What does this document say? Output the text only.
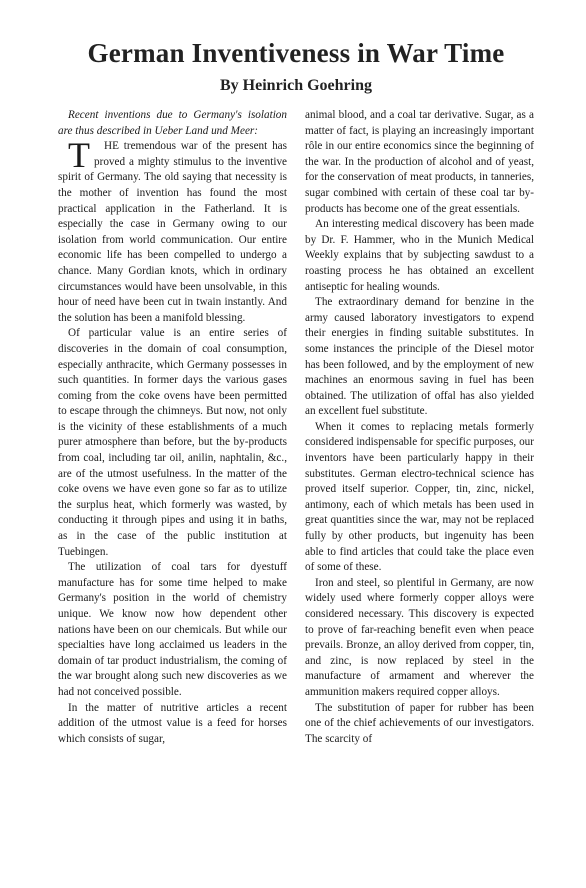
German Inventiveness in War Time
By Heinrich Goehring

Recent inventions due to Germany's isolation are thus described in Ueber Land und Meer:

T HE tremendous war of the present has proved a mighty stimulus to the inventive spirit of Germany. The old saying that necessity is the mother of invention has found the most practical application in the Fatherland. It is especially the case in Germany owing to our isolation from world communication. Our entire economic life has been compelled to undergo a chance. Many Gordian knots, which in ordinary circumstances would have been unsolvable, in this hour of need have been cut in twain instantly. And the solution has been a manifold blessing.

Of particular value is an entire series of discoveries in the domain of coal consumption, especially anthracite, which Germany possesses in such quantities. In former days the various gases coming from the coke ovens have been permitted to escape through the chimneys. But now, not only is the vicinity of these establishments of a much purer atmosphere than before, but the by-products from coal, including tar oil, anilin, naphtalin, &c., are of the utmost usefulness. In the matter of the coke ovens we have even gone so far as to utilize the surplus heat, which formerly was wasted, by conducting it through pipes and using it in baths, as in the case of the public institution at Tuebingen.

The utilization of coal tars for dyestuff manufacture has for some time helped to make Germany's position in the world of chemistry unique. We know now how dependent other nations have been on our chemicals. But while our specialties have long acclaimed us leaders in the domain of tar product industrialism, the coming of the war brought along such new discoveries as we had not conceived possible.

In the matter of nutritive articles a recent addition of the utmost value is a feed for horses which consists of sugar,

animal blood, and a coal tar derivative. Sugar, as a matter of fact, is playing an increasingly important rôle in our entire economics since the beginning of the war. In the production of alcohol and of yeast, for the conservation of meat products, in tanneries, sugar combined with certain of these coal tar by-products has become one of the great essentials.

An interesting medical discovery has been made by Dr. F. Hammer, who in the Munich Medical Weekly explains that by subjecting sawdust to a roasting process he has obtained an excellent antiseptic for healing wounds.

The extraordinary demand for benzine in the army caused laboratory investigators to expend their energies in finding suitable substitutes. In some instances the principle of the Diesel motor has been followed, and by the employment of new machines an enormous saving in fuel has been obtained. The utilization of offal has also yielded an excellent fuel substitute.

When it comes to replacing metals formerly considered indispensable for specific purposes, our inventors have been particularly happy in their substitutes. German electro-technical science has proved itself superior. Copper, tin, zinc, nickel, antimony, each of which metals has been used in great quantities since the war, may not be replaced fully by other products, but ingenuity has been able to find articles that could take the place even of some of these.

Iron and steel, so plentiful in Germany, are now widely used where formerly copper alloys were considered necessary. This discovery is expected to prove of far-reaching benefit even when peace prevails. Bronze, an alloy derived from copper, tin, and zinc, is now replaced by steel in the manufacture of armament and wherever the ammunition makers required copper alloys.

The substitution of paper for rubber has been one of the chief achievements of our investigators. The scarcity of
